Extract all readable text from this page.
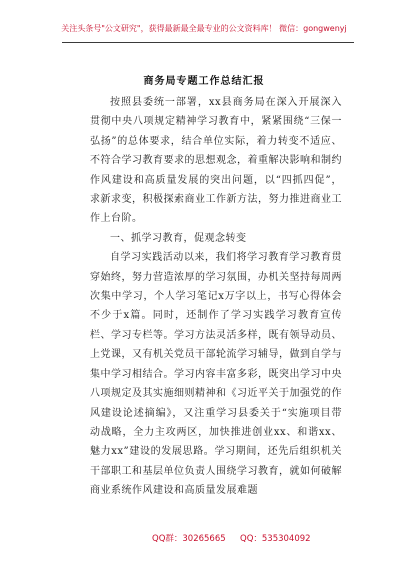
关注头条号"公文研究"，获得最新最全最专业的公文资料库！ 微信：gongwenyj
商务局专题工作总结汇报

按照县委统一部署，xx县商务局在深入开展深入贯彻中央八项规定精神学习教育中，紧紧围绕“三保一弘扬”的总体要求，结合单位实际，着力转变不适应、不符合学习教育要求的思想观念，着重解决影响和制约作风建设和高质量发展的突出问题，以“四抓四促”，求新求变，积极探索商业工作新方法，努力推进商业工作上台阶。

一、抓学习教育，促观念转变

自学习实践活动以来，我们将学习教育学习教育贯穿始终，努力营造浓厚的学习氛围，办机关坚持每周两次集中学习，个人学习笔记x万字以上，书写心得体会不少于x篇。同时，还制作了学习实践学习教育宣传栏、学习专栏等。学习方法灵活多样，既有领导动员、上党课，又有机关党员干部轮流学习辅导，做到自学与集中学习相结合。学习内容丰富多彩，既突出学习中央八项规定及其实施细则精神和《习近平关于加强党的作风建设论述摘编》，又注重学习县委关于“实施项目带动战略，全力主攻两区，加快推进创业xx、和谐xx、魅力xx”建设的发展思路。学习期间，还先后组织机关干部职工和基层单位负责人围绕学习教育，就如何破解商业系统作风建设和高质量发展难题

QQ群：30265665 QQ：535304092
